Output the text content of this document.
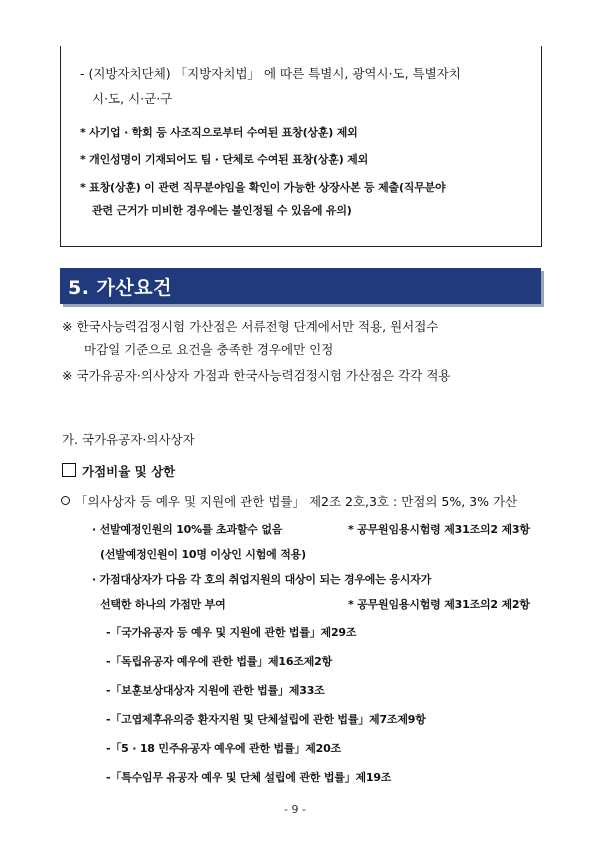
- (지방자치단체) 「지방자치법」 에 따른 특별시, 광역시·도, 특별자치
시·도, 시·군·구
* 사기업 · 학회 등 사조직으로부터 수여된 표창(상훈) 제외
* 개인성명이 기재되어도 팀 · 단체로 수여된 표창(상훈) 제외
* 표창(상훈) 이 관련 직무분야임을 확인이 가능한 상장사본 등 제출(직무분야
관련 근거가 미비한 경우에는 불인정될 수 있음에 유의)
5. 가산요건
※ 한국사능력검정시험 가산점은 서류전형 단계에서만 적용, 원서접수
마감일 기준으로 요건을 충족한 경우에만 인정
※ 국가유공자·의사상자 가점과 한국사능력검정시험 가산점은 각각 적용
가. 국가유공자·의사상자
가점비율 및 상한
「의사상자 등 예우 및 지원에 관한 법률」 제2조 2호,3호 : 만점의 5%, 3% 가산
· 선발예정인원의 10%를 초과할수 없음	* 공무원임용시험령 제31조의2 제3항
(선발예정인원이 10명 이상인 시험에 적용)
· 가점대상자가 다음 각 호의 취업지원의 대상이 되는 경우에는 응시자가
선택한 하나의 가점만 부여	* 공무원임용시험령 제31조의2 제2항
-「국가유공자 등 예우 및 지원에 관한 법률」제29조
-「독립유공자 예우에 관한 법률」제16조제2항
-「보훈보상대상자 지원에 관한 법률」제33조
-「고엽제후유의증 환자지원 및 단체설립에 관한 법률」제7조제9항
-「5 · 18 민주유공자 예우에 관한 법률」제20조
-「특수임무 유공자 예우 및 단체 설립에 관한 법률」제19조
- 9 -
